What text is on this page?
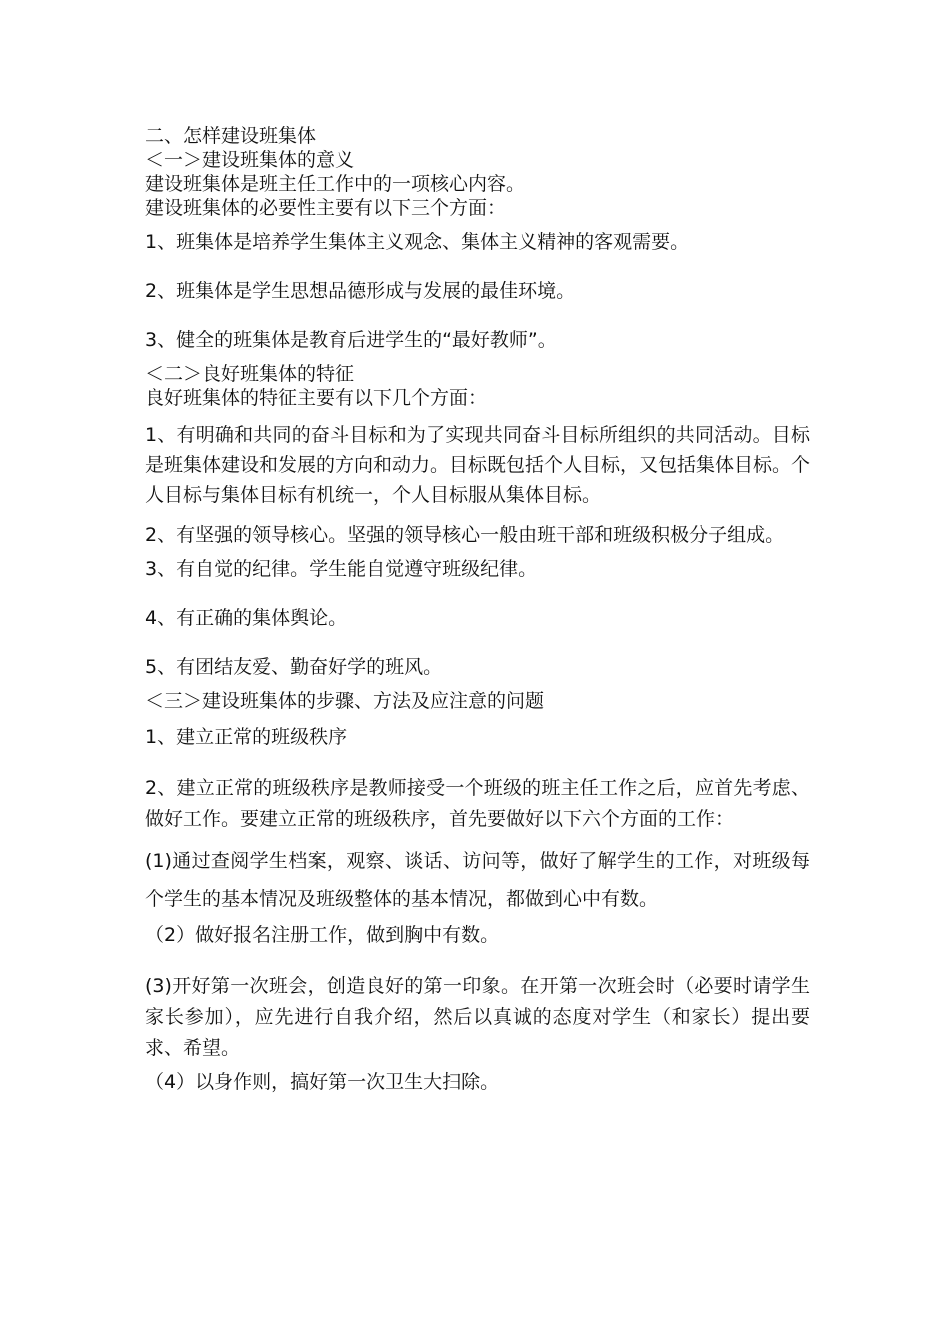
二、怎样建设班集体

＜一＞建设班集体的意义

建设班集体是班主任工作中的一项核心内容。

建设班集体的必要性主要有以下三个方面：

1、班集体是培养学生集体主义观念、集体主义精神的客观需要。

2、班集体是学生思想品德形成与发展的最佳环境。

3、健全的班集体是教育后进学生的“最好教师”。

＜二＞良好班集体的特征

良好班集体的特征主要有以下几个方面：

1、有明确和共同的奋斗目标和为了实现共同奋斗目标所组织的共同活动。目标是班集体建设和发展的方向和动力。目标既包括个人目标，又包括集体目标。个人目标与集体目标有机统一，个人目标服从集体目标。

2、有坚强的领导核心。坚强的领导核心一般由班干部和班级积极分子组成。

3、有自觉的纪律。学生能自觉遵守班级纪律。

4、有正确的集体舆论。

5、有团结友爱、勤奋好学的班风。

＜三＞建设班集体的步骤、方法及应注意的问题

1、建立正常的班级秩序

2、建立正常的班级秩序是教师接受一个班级的班主任工作之后，应首先考虑、做好工作。要建立正常的班级秩序，首先要做好以下六个方面的工作：

(1)通过查阅学生档案，观察、谈话、访问等，做好了解学生的工作，对班级每个学生的基本情况及班级整体的基本情况，都做到心中有数。

（2）做好报名注册工作，做到胸中有数。

(3)开好第一次班会，创造良好的第一印象。在开第一次班会时（必要时请学生家长参加），应先进行自我介绍，然后以真诚的态度对学生（和家长）提出要求、希望。

（4）以身作则，搞好第一次卫生大扫除。
